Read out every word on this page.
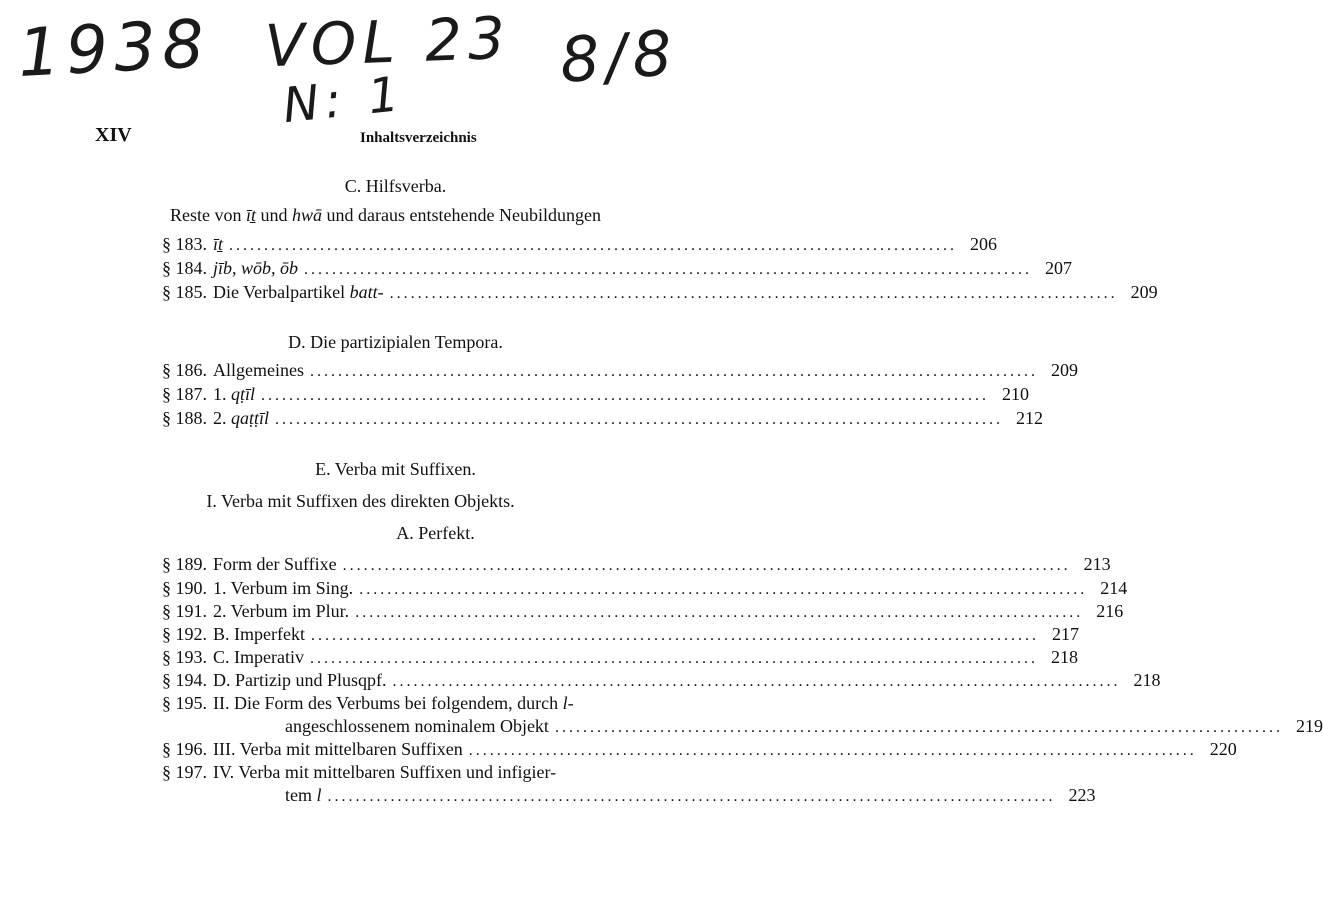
1938 VOL 23
N: 1
8/8
XIV	Inhaltsverzeichnis
C. Hilfsverba.
Reste von īṯ und hwā und daraus entstehende Neubildungen
§ 183. īṯ ........................................................................................................ 206
§ 184. jīb, wōb, ōb ........................................................................................................ 207
§ 185. Die Verbalpartikel batt- ........................................................................................................ 209
D. Die partizipialen Tempora.
§ 186. Allgemeines ........................................................................................................ 209
§ 187. 1. qṭīl ........................................................................................................ 210
§ 188. 2. qaṭṭīl ........................................................................................................ 212
E. Verba mit Suffixen.
I. Verba mit Suffixen des direkten Objekts.
A. Perfekt.
§ 189. Form der Suffixe ........................................................................................................ 213
§ 190. 1. Verbum im Sing. ........................................................................................................ 214
§ 191. 2. Verbum im Plur. ........................................................................................................ 216
§ 192. B. Imperfekt ........................................................................................................ 217
§ 193. C. Imperativ ........................................................................................................ 218
§ 194. D. Partizip und Plusqpf. ........................................................................................................ 218
§ 195. II. Die Form des Verbums bei folgendem, durch l-
angeschlossenem nominalem Objekt ........................................................................................................ 219
§ 196. III. Verba mit mittelbaren Suffixen ........................................................................................................ 220
§ 197. IV. Verba mit mittelbaren Suffixen und infigier-
tem l ........................................................................................................ 223
